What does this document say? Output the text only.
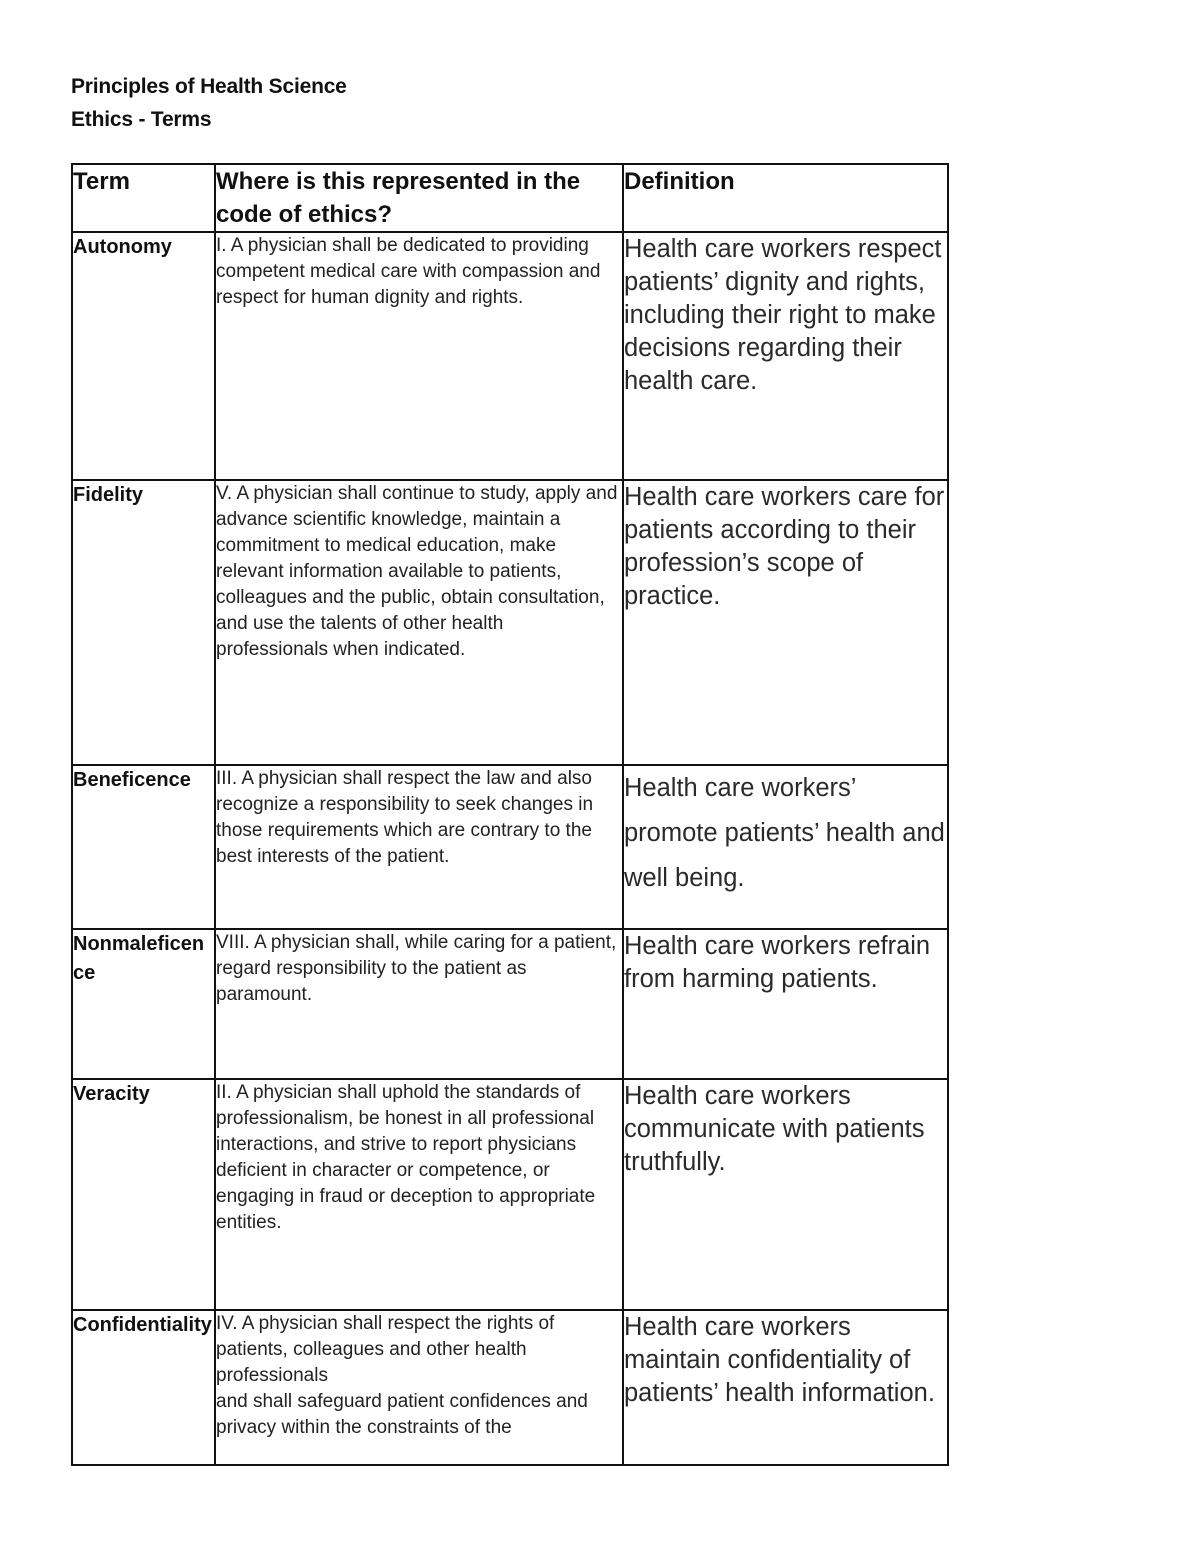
Principles of Health Science
Ethics - Terms
Term	Where is this represented in the code of ethics?	Definition
Autonomy	I. A physician shall be dedicated to providing competent medical care with compassion and
respect for human dignity and rights.	Health care workers respect patients’ dignity and rights, including their right to make decisions regarding their health care.
Fidelity	V. A physician shall continue to study, apply and advance scientific knowledge, maintain a
commitment to medical education, make relevant information available to patients,
colleagues and the public, obtain consultation, and use the talents of other health
professionals when indicated.	Health care workers care for patients according to their profession’s scope of practice.
Beneficence	III. A physician shall respect the law and also recognize a responsibility to seek changes in
those requirements which are contrary to the best interests of the patient.	Health care workers’ promote patients’ health and well being.
Nonmaleficence	VIII. A physician shall, while caring for a patient, regard responsibility to the patient as
paramount.	Health care workers refrain from harming patients.
Veracity	II. A physician shall uphold the standards of professionalism, be honest in all professional
interactions, and strive to report physicians deficient in character or competence, or
engaging in fraud or deception to appropriate entities.	Health care workers communicate with patients truthfully.
Confidentiality	IV. A physician shall respect the rights of patients, colleagues and other health professionals
and shall safeguard patient confidences and privacy within the constraints of the	Health care workers maintain confidentiality of patients’ health information.
